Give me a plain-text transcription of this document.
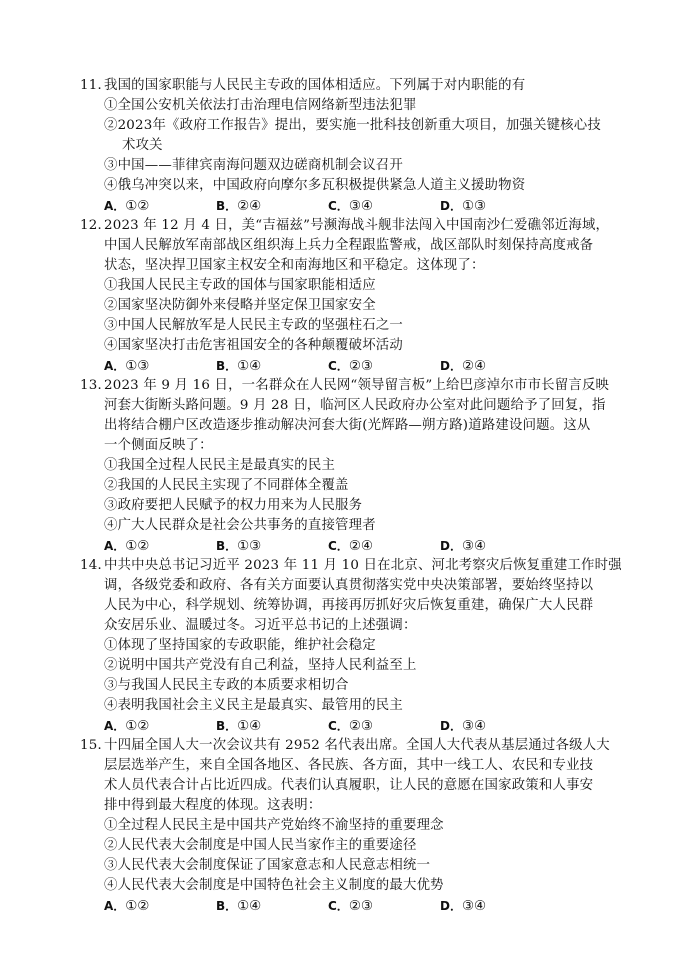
11．我国的国家职能与人民民主专政的国体相适应。下列属于对内职能的有
①全国公安机关依法打击治理电信网络新型违法犯罪
②2023年《政府工作报告》提出，要实施一批科技创新重大项目，加强关键核心技
术攻关
③中国——菲律宾南海问题双边磋商机制会议召开
④俄乌冲突以来，中国政府向摩尔多瓦积极提供紧急人道主义援助物资
A．①②	B．②④	C．③④	D．①③
12．2023 年 12 月 4 日，美“吉福兹”号濒海战斗舰非法闯入中国南沙仁爱礁邻近海域，
中国人民解放军南部战区组织海上兵力全程跟监警戒，战区部队时刻保持高度戒备
状态，坚决捍卫国家主权安全和南海地区和平稳定。这体现了：
①我国人民民主专政的国体与国家职能相适应
②国家坚决防御外来侵略并坚定保卫国家安全
③中国人民解放军是人民民主专政的坚强柱石之一
④国家坚决打击危害祖国安全的各种颠覆破坏活动
A．①③	B．①④	C．②③	D．②④
13．2023 年 9 月 16 日，一名群众在人民网“领导留言板”上给巴彦淖尔市市长留言反映
河套大街断头路问题。9 月 28 日，临河区人民政府办公室对此问题给予了回复，指
出将结合棚户区改造逐步推动解决河套大街(光辉路—朔方路)道路建设问题。这从
一个侧面反映了：
①我国全过程人民民主是最真实的民主
②我国的人民民主实现了不同群体全覆盖
③政府要把人民赋予的权力用来为人民服务
④广大人民群众是社会公共事务的直接管理者
A．①②	B．①③	C．②④	D．③④
14．中共中央总书记习近平 2023 年 11 月 10 日在北京、河北考察灾后恢复重建工作时强
调，各级党委和政府、各有关方面要认真贯彻落实党中央决策部署，要始终坚持以
人民为中心，科学规划、统筹协调，再接再厉抓好灾后恢复重建，确保广大人民群
众安居乐业、温暖过冬。习近平总书记的上述强调：
①体现了坚持国家的专政职能，维护社会稳定
②说明中国共产党没有自己利益，坚持人民利益至上
③与我国人民民主专政的本质要求相切合
④表明我国社会主义民主是最真实、最管用的民主
A．①②	B．①④	C．②③	D．③④
15．十四届全国人大一次会议共有 2952 名代表出席。全国人大代表从基层通过各级人大
层层选举产生，来自全国各地区、各民族、各方面，其中一线工人、农民和专业技
术人员代表合计占比近四成。代表们认真履职，让人民的意愿在国家政策和人事安
排中得到最大程度的体现。这表明：
①全过程人民民主是中国共产党始终不渝坚持的重要理念
②人民代表大会制度是中国人民当家作主的重要途径
③人民代表大会制度保证了国家意志和人民意志相统一
④人民代表大会制度是中国特色社会主义制度的最大优势
A．①②	B．①④	C．②③	D．③④
